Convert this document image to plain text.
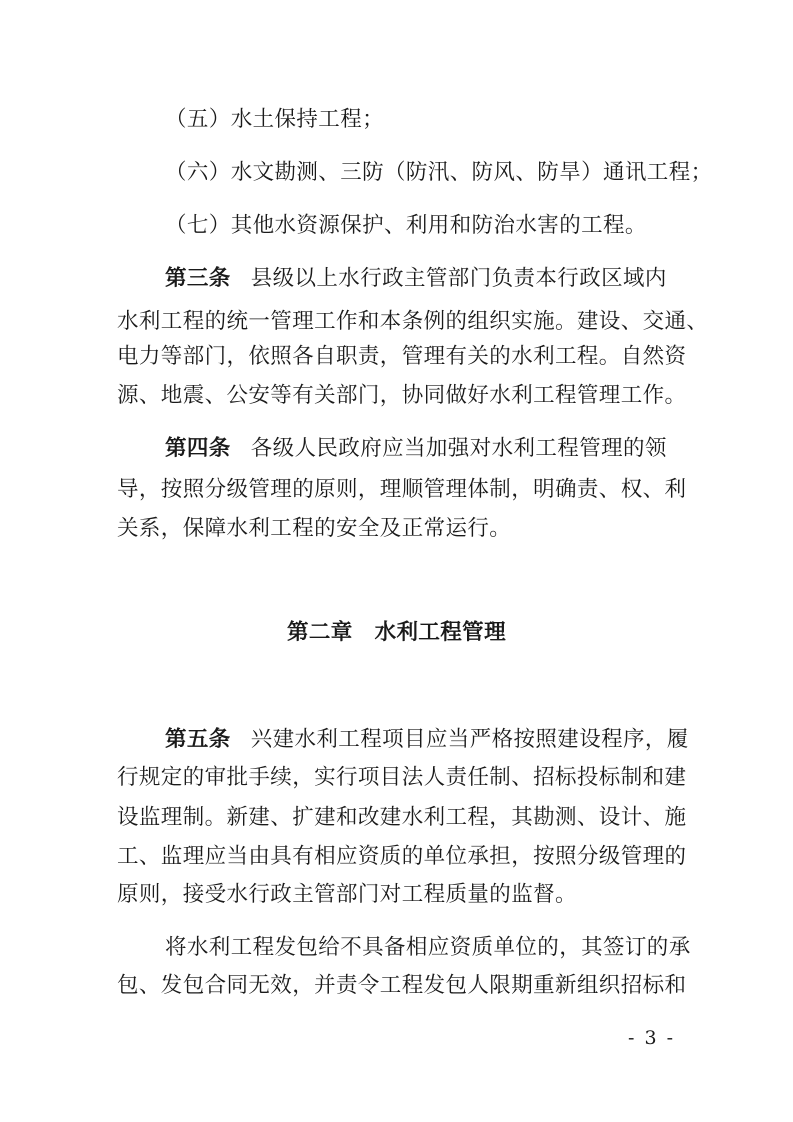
（五）水土保持工程；
（六）水文勘测、三防（防汛、防风、防旱）通讯工程；
（七）其他水资源保护、利用和防治水害的工程。
第三条 县级以上水行政主管部门负责本行政区域内
水利工程的统一管理工作和本条例的组织实施。建设、交通、
电力等部门，依照各自职责，管理有关的水利工程。自然资
源、地震、公安等有关部门，协同做好水利工程管理工作。
第四条 各级人民政府应当加强对水利工程管理的领
导，按照分级管理的原则，理顺管理体制，明确责、权、利
关系，保障水利工程的安全及正常运行。
第二章　水利工程管理
第五条 兴建水利工程项目应当严格按照建设程序，履
行规定的审批手续，实行项目法人责任制、招标投标制和建
设监理制。新建、扩建和改建水利工程，其勘测、设计、施
工、监理应当由具有相应资质的单位承担，按照分级管理的
原则，接受水行政主管部门对工程质量的监督。
将水利工程发包给不具备相应资质单位的，其签订的承
包、发包合同无效，并责令工程发包人限期重新组织招标和
- 3 -
